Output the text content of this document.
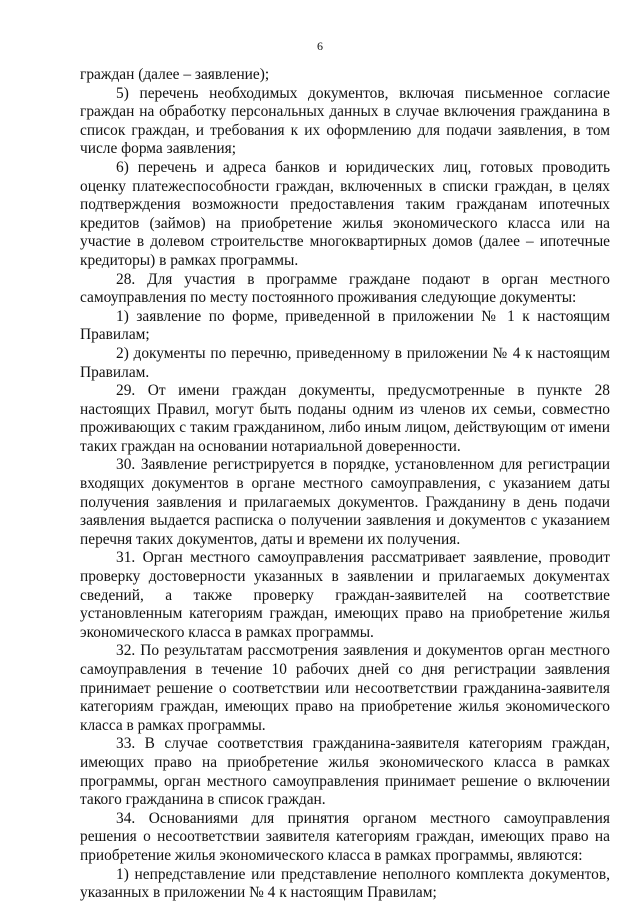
6

граждан (далее – заявление);

5) перечень необходимых документов, включая письменное согласие граждан на обработку персональных данных в случае включения гражданина в список граждан, и требования к их оформлению для подачи заявления, в том числе форма заявления;

6) перечень и адреса банков и юридических лиц, готовых проводить оценку платежеспособности граждан, включенных в списки граждан, в целях подтверждения возможности предоставления таким гражданам ипотечных кредитов (займов) на приобретение жилья экономического класса или на участие в долевом строительстве многоквартирных домов (далее – ипотечные кредиторы) в рамках программы.

28. Для участия в программе граждане подают в орган местного самоуправления по месту постоянного проживания следующие документы:

1) заявление по форме, приведенной в приложении № 1 к настоящим Правилам;

2) документы по перечню, приведенному в приложении № 4 к настоящим Правилам.

29. От имени граждан документы, предусмотренные в пункте 28 настоящих Правил, могут быть поданы одним из членов их семьи, совместно проживающих с таким гражданином, либо иным лицом, действующим от имени таких граждан на основании нотариальной доверенности.

30. Заявление регистрируется в порядке, установленном для регистрации входящих документов в органе местного самоуправления, с указанием даты получения заявления и прилагаемых документов. Гражданину в день подачи заявления выдается расписка о получении заявления и документов с указанием перечня таких документов, даты и времени их получения.

31. Орган местного самоуправления рассматривает заявление, проводит проверку достоверности указанных в заявлении и прилагаемых документах сведений, а также проверку граждан-заявителей на соответствие установленным категориям граждан, имеющих право на приобретение жилья экономического класса в рамках программы.

32. По результатам рассмотрения заявления и документов орган местного самоуправления в течение 10 рабочих дней со дня регистрации заявления принимает решение о соответствии или несоответствии гражданина-заявителя категориям граждан, имеющих право на приобретение жилья экономического класса в рамках программы.

33. В случае соответствия гражданина-заявителя категориям граждан, имеющих право на приобретение жилья экономического класса в рамках программы, орган местного самоуправления принимает решение о включении такого гражданина в список граждан.

34. Основаниями для принятия органом местного самоуправления решения о несоответствии заявителя категориям граждан, имеющих право на приобретение жилья экономического класса в рамках программы, являются:

1) непредставление или представление неполного комплекта документов, указанных в приложении № 4 к настоящим Правилам;
